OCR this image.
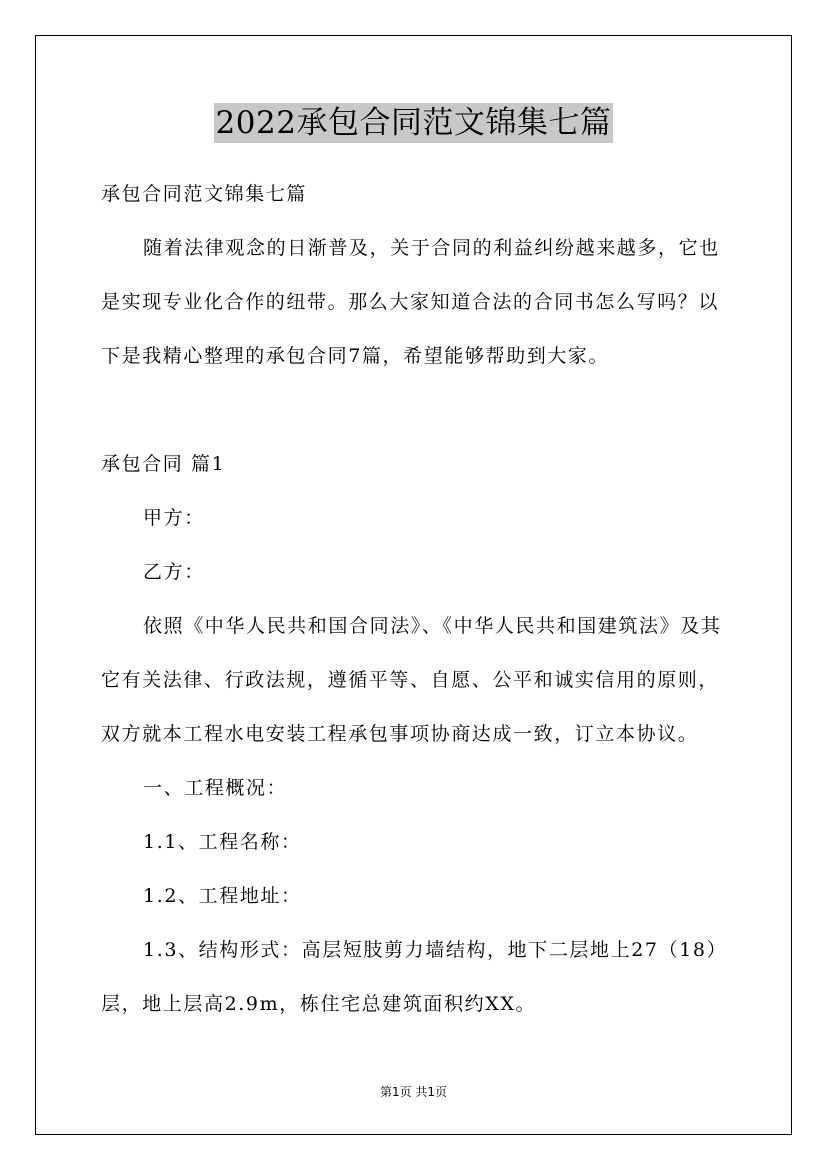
2022承包合同范文锦集七篇

承包合同范文锦集七篇

随着法律观念的日渐普及，关于合同的利益纠纷越来越多，它也

是实现专业化合作的纽带。那么大家知道合法的合同书怎么写吗？以

下是我精心整理的承包合同7篇，希望能够帮助到大家。

承包合同 篇1

甲方：

乙方：

依照《中华人民共和国合同法》、《中华人民共和国建筑法》及其

它有关法律、行政法规，遵循平等、自愿、公平和诚实信用的原则，

双方就本工程水电安装工程承包事项协商达成一致，订立本协议。

一、工程概况：

1.1、工程名称：

1.2、工程地址：

1.3、结构形式：高层短肢剪力墙结构，地下二层地上27（18）

层，地上层高2.9m，栋住宅总建筑面积约XX。

第1页 共1页
